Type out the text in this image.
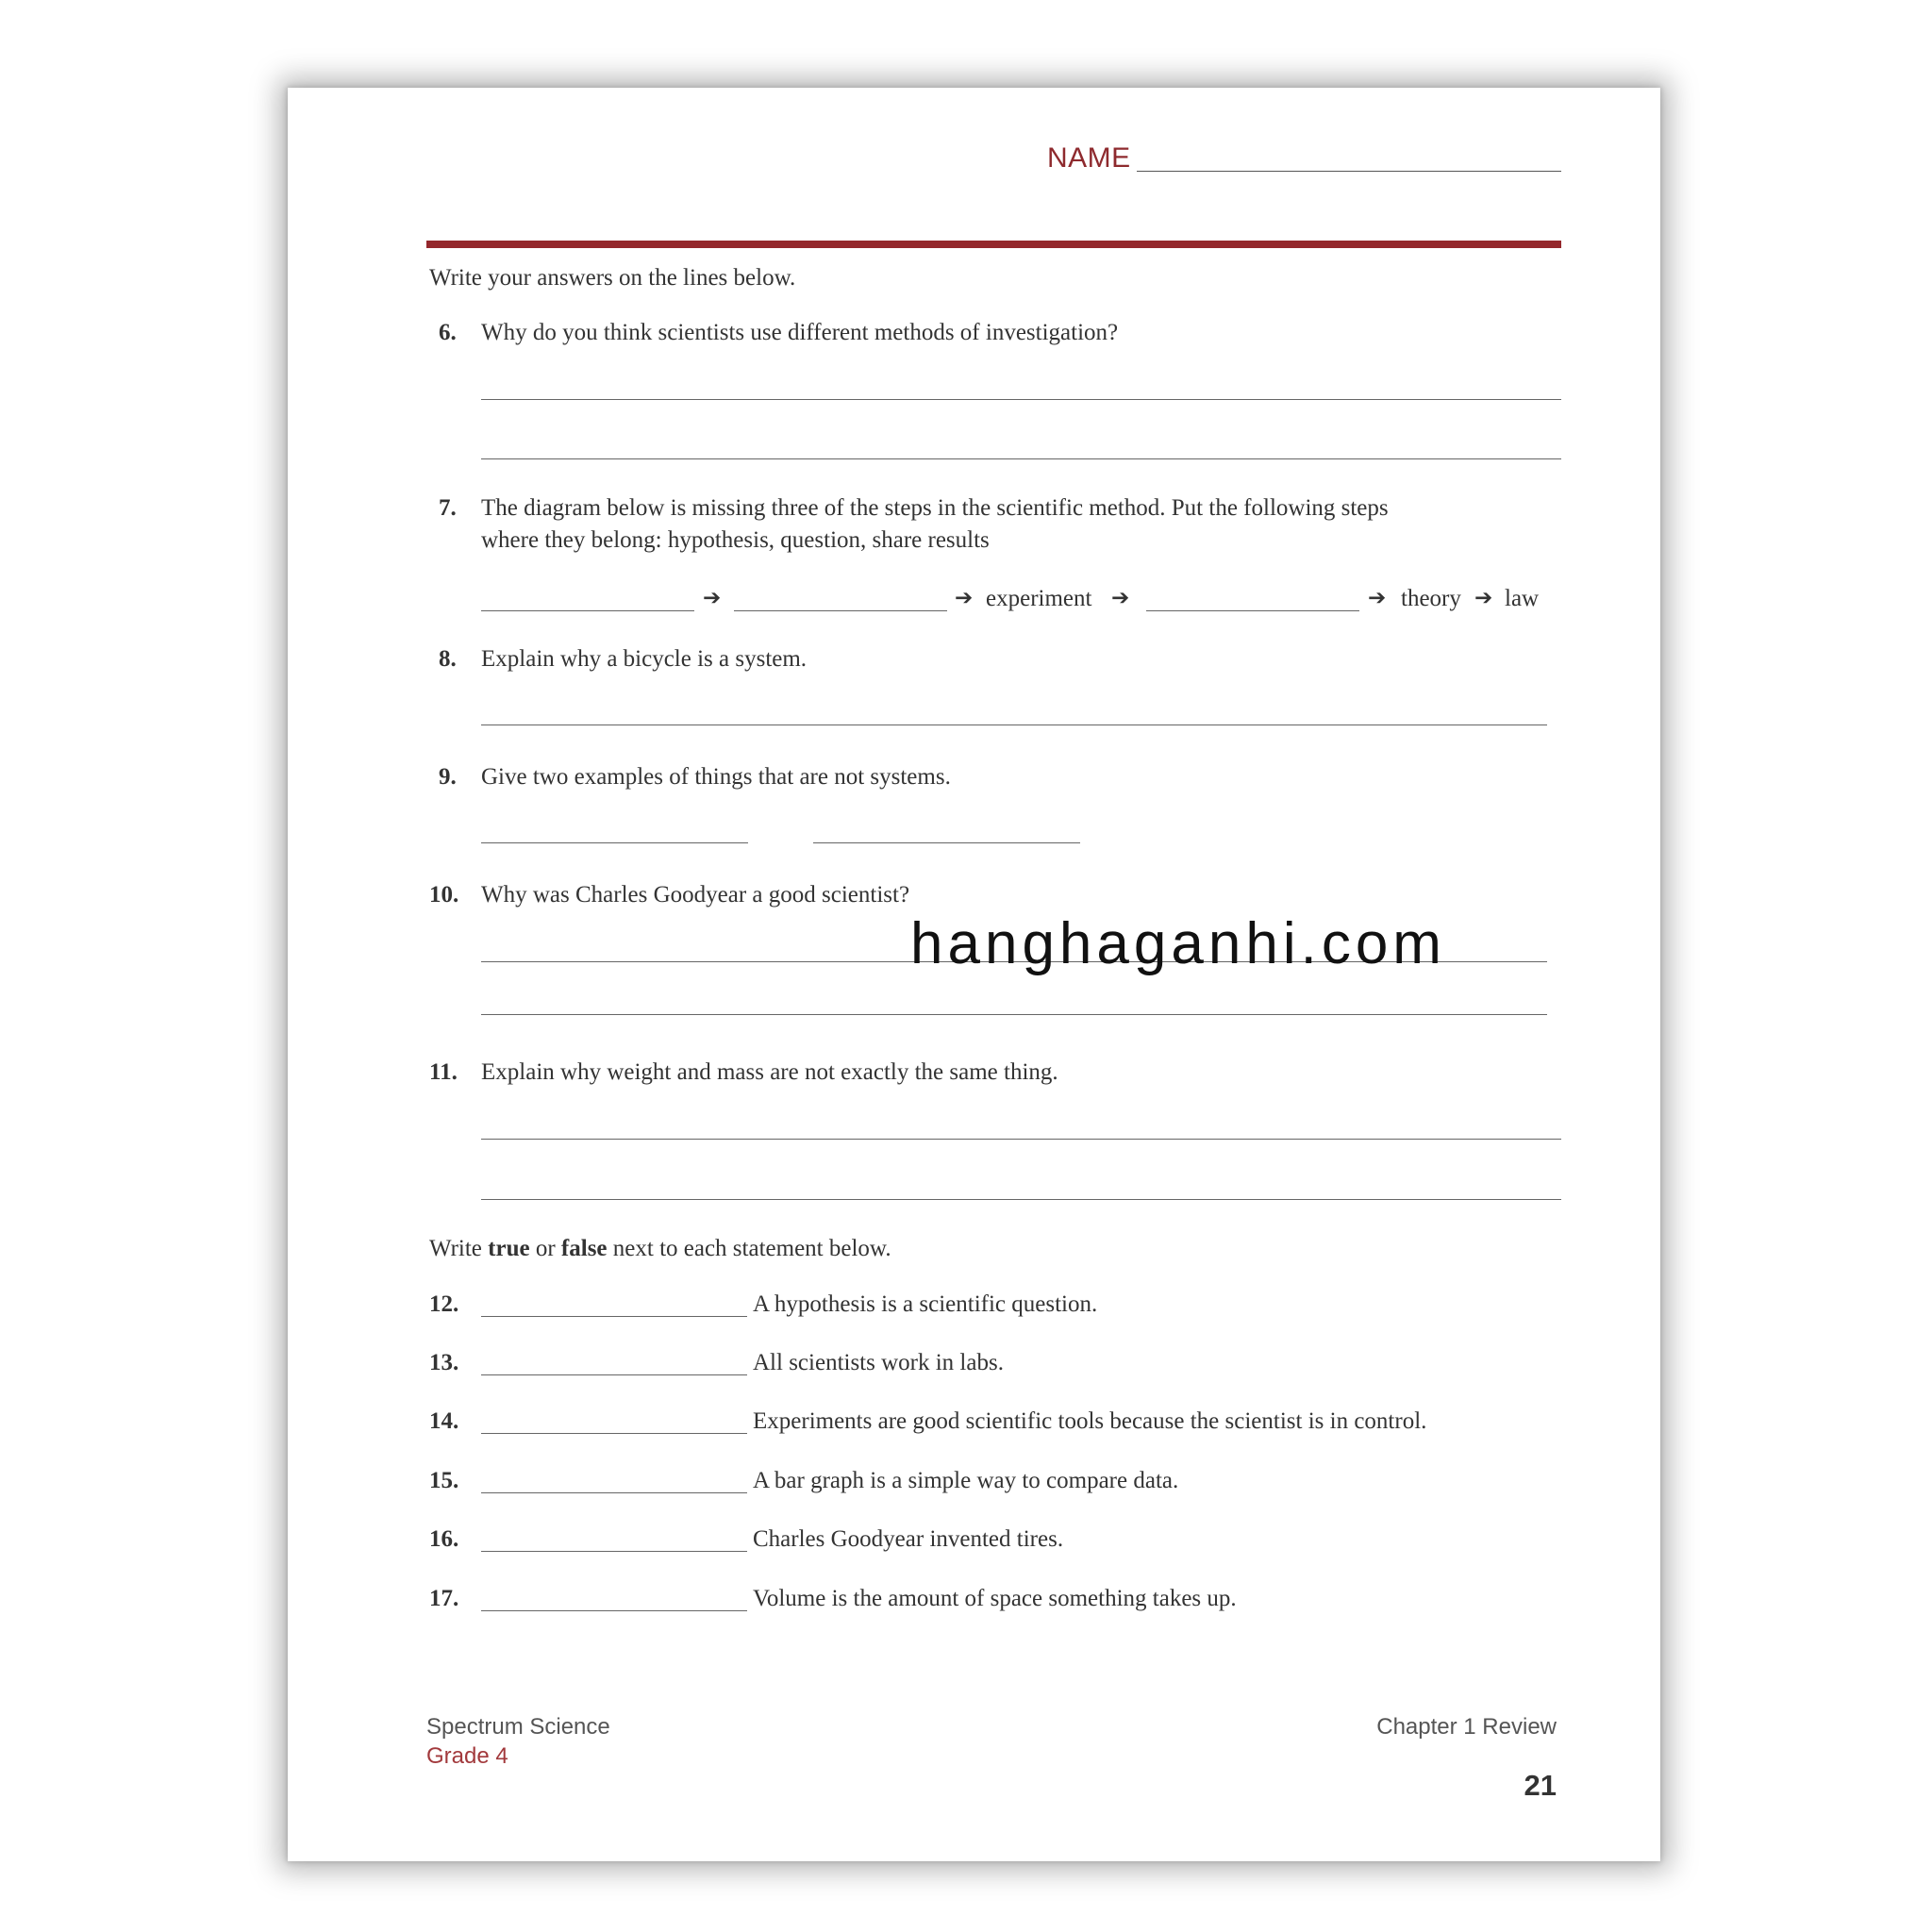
NAME
Write your answers on the lines below.
6. Why do you think scientists use different methods of investigation?
7. The diagram below is missing three of the steps in the scientific method. Put the following steps
where they belong: hypothesis, question, share results
➔	➔ experiment ➔	➔ theory ➔ law
8. Explain why a bicycle is a system.
9. Give two examples of things that are not systems.
10. Why was Charles Goodyear a good scientist?
11. Explain why weight and mass are not exactly the same thing.
Write true or false next to each statement below.
12.	A hypothesis is a scientific question.
13.	All scientists work in labs.
14.	Experiments are good scientific tools because the scientist is in control.
15.	A bar graph is a simple way to compare data.
16.	Charles Goodyear invented tires.
17.	Volume is the amount of space something takes up.
hanghaganhi.com
Spectrum Science
Grade 4
Chapter 1 Review
21
